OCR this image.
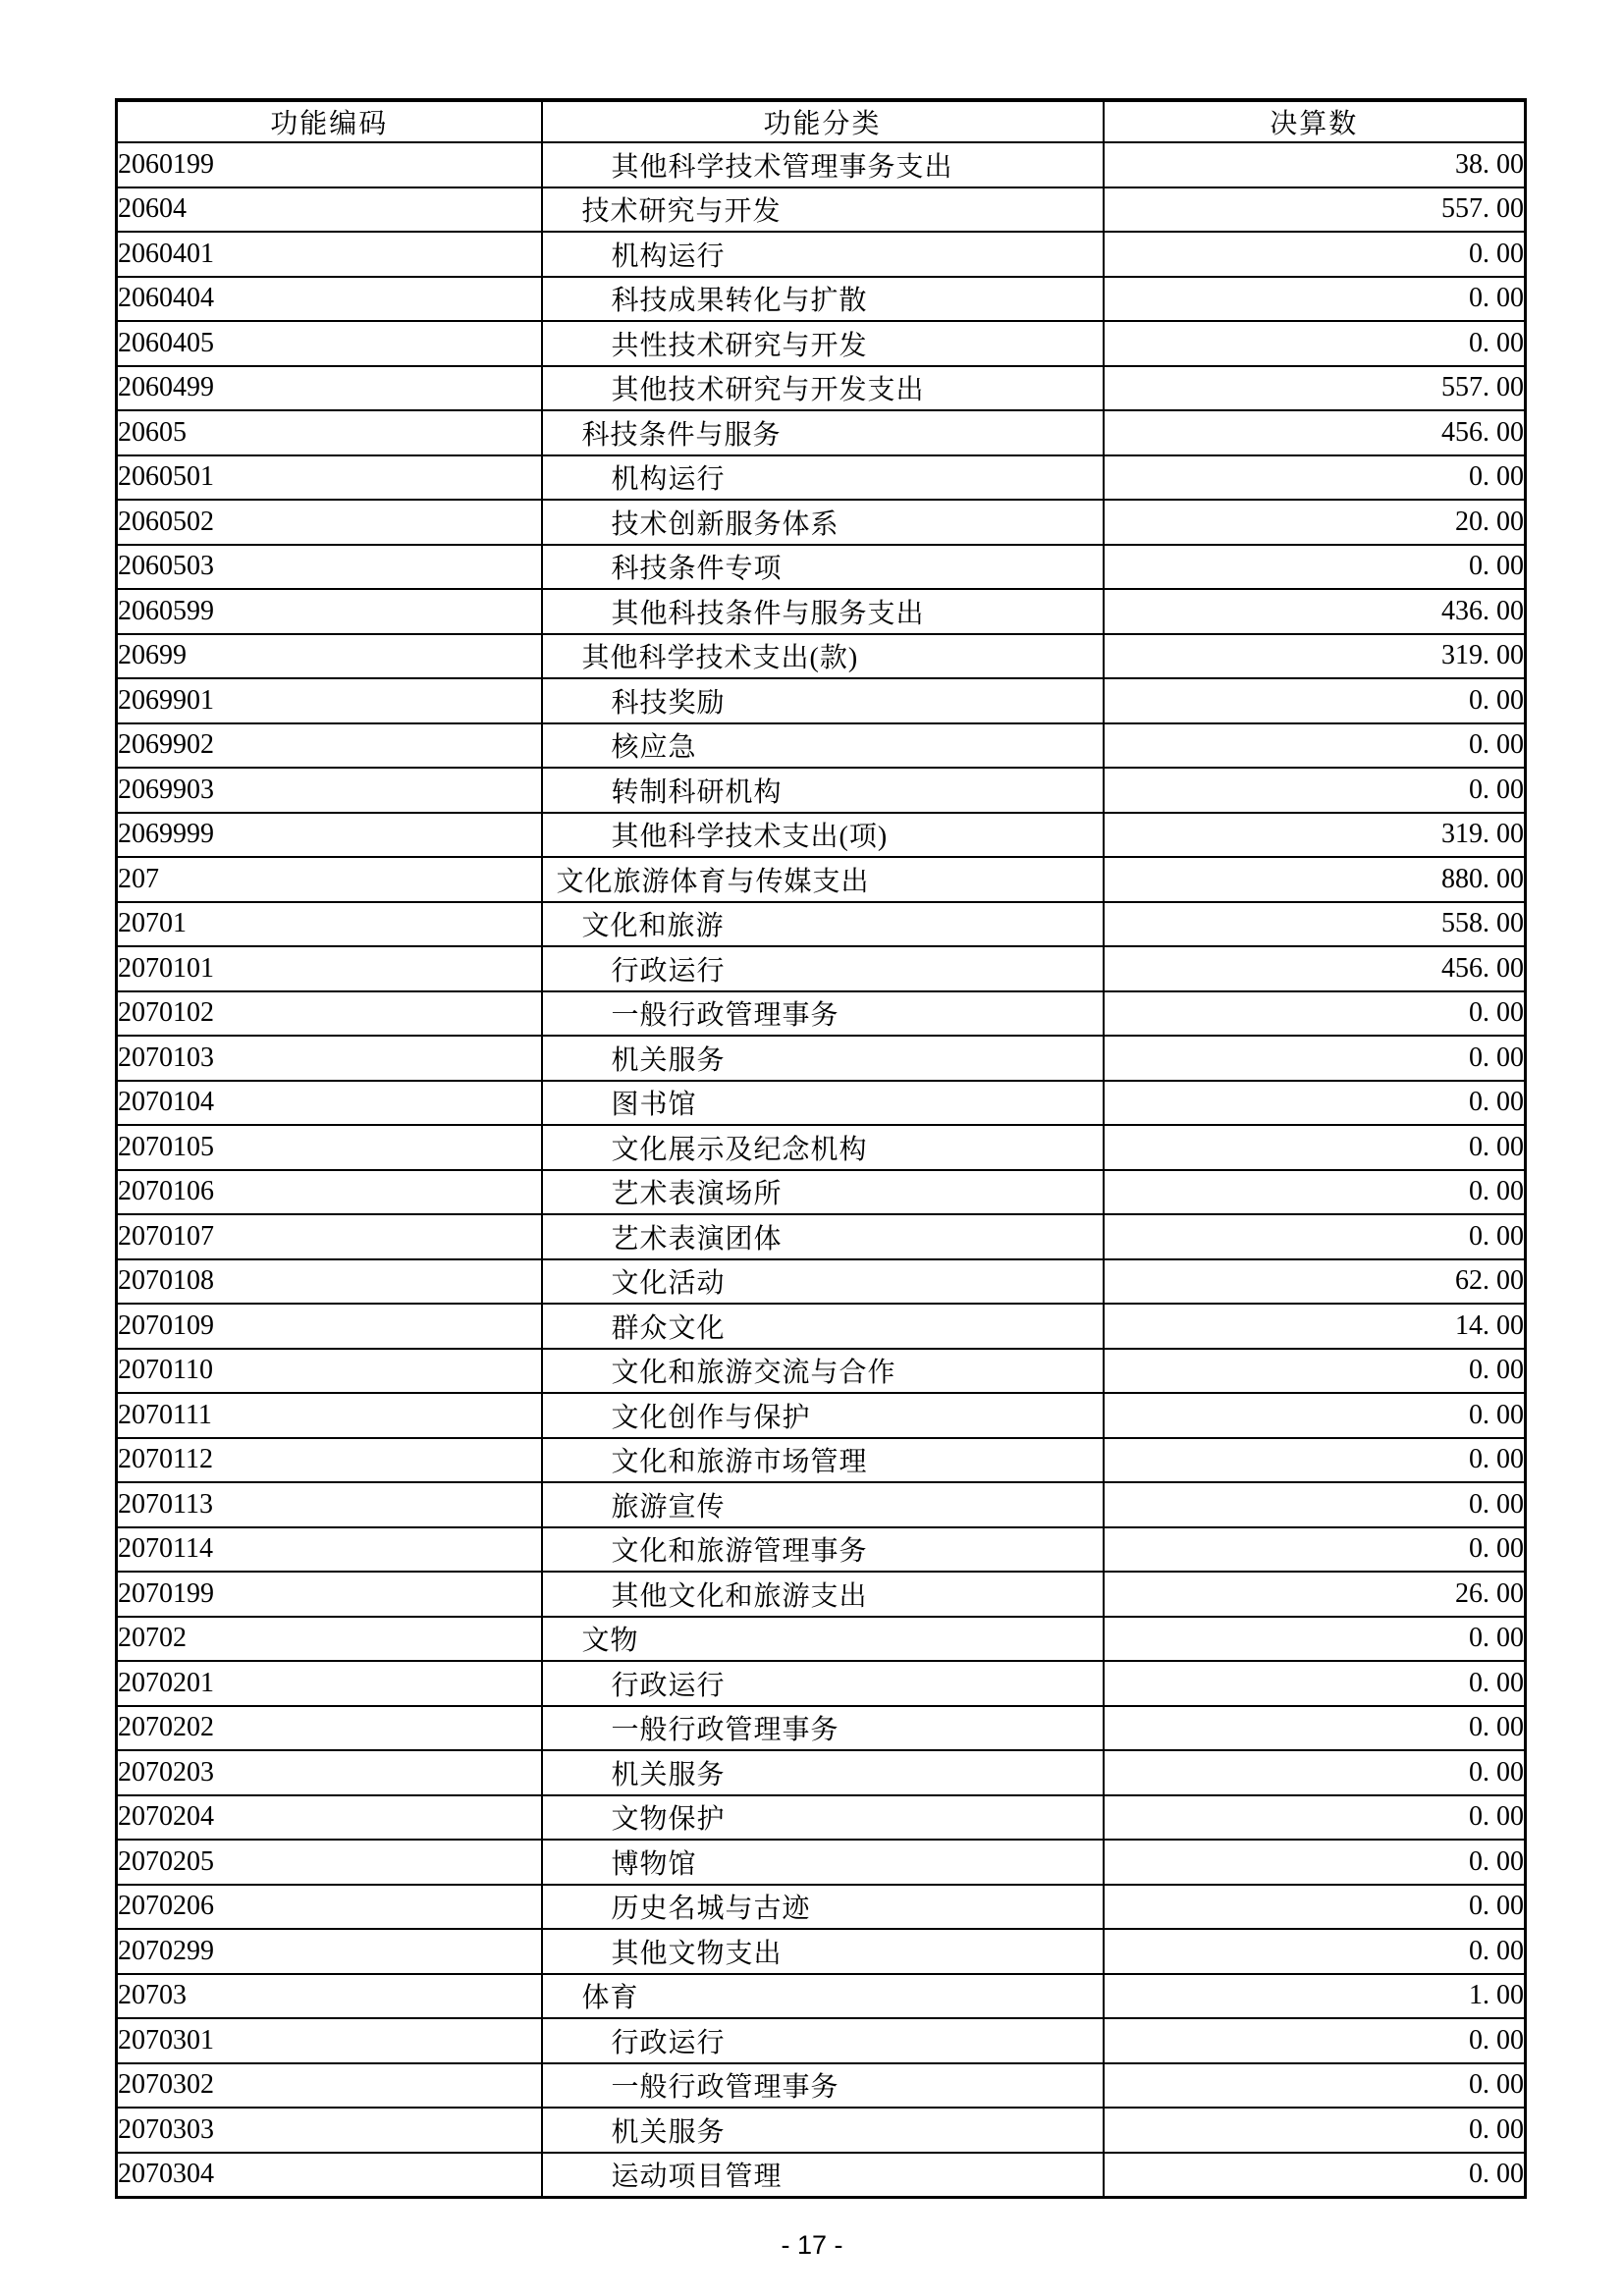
功能编码	功能分类	决算数
2060199	其他科学技术管理事务支出	38. 00
20604	技术研究与开发	557. 00
2060401	机构运行	0. 00
2060404	科技成果转化与扩散	0. 00
2060405	共性技术研究与开发	0. 00
2060499	其他技术研究与开发支出	557. 00
20605	科技条件与服务	456. 00
2060501	机构运行	0. 00
2060502	技术创新服务体系	20. 00
2060503	科技条件专项	0. 00
2060599	其他科技条件与服务支出	436. 00
20699	其他科学技术支出(款)	319. 00
2069901	科技奖励	0. 00
2069902	核应急	0. 00
2069903	转制科研机构	0. 00
2069999	其他科学技术支出(项)	319. 00
207	文化旅游体育与传媒支出	880. 00
20701	文化和旅游	558. 00
2070101	行政运行	456. 00
2070102	一般行政管理事务	0. 00
2070103	机关服务	0. 00
2070104	图书馆	0. 00
2070105	文化展示及纪念机构	0. 00
2070106	艺术表演场所	0. 00
2070107	艺术表演团体	0. 00
2070108	文化活动	62. 00
2070109	群众文化	14. 00
2070110	文化和旅游交流与合作	0. 00
2070111	文化创作与保护	0. 00
2070112	文化和旅游市场管理	0. 00
2070113	旅游宣传	0. 00
2070114	文化和旅游管理事务	0. 00
2070199	其他文化和旅游支出	26. 00
20702	文物	0. 00
2070201	行政运行	0. 00
2070202	一般行政管理事务	0. 00
2070203	机关服务	0. 00
2070204	文物保护	0. 00
2070205	博物馆	0. 00
2070206	历史名城与古迹	0. 00
2070299	其他文物支出	0. 00
20703	体育	1. 00
2070301	行政运行	0. 00
2070302	一般行政管理事务	0. 00
2070303	机关服务	0. 00
2070304	运动项目管理	0. 00
- 17 -
